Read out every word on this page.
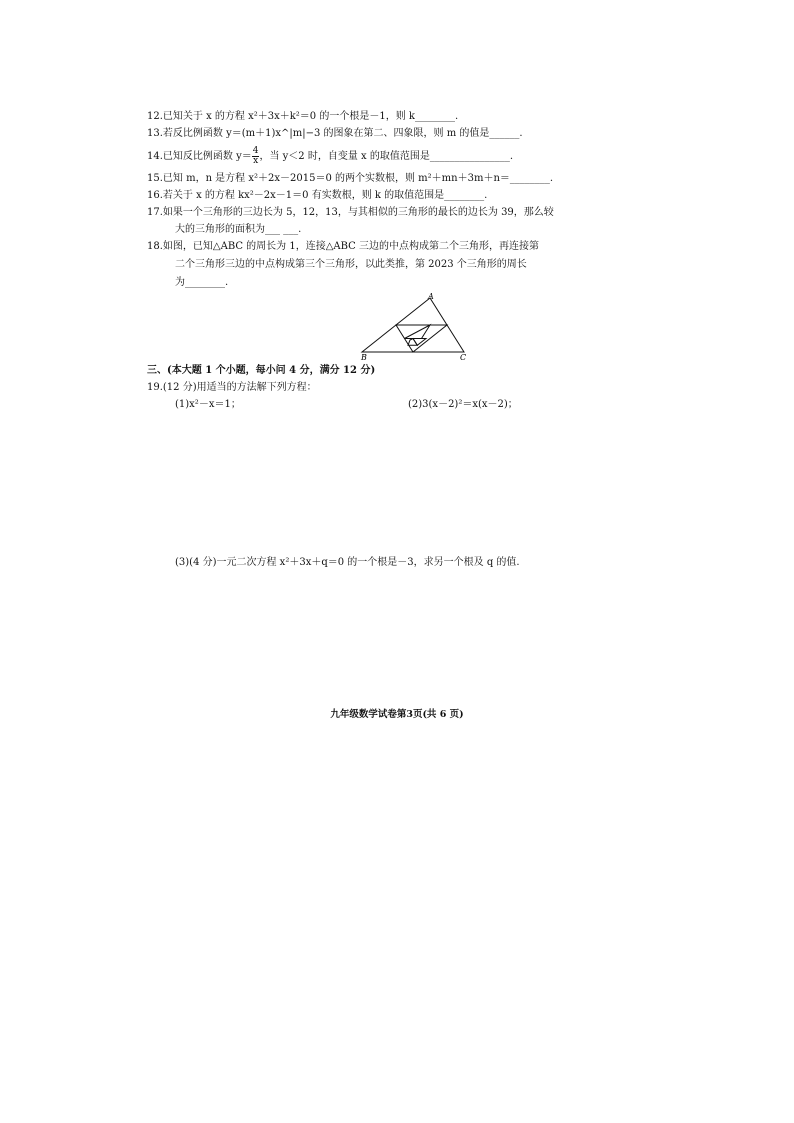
12.已知关于 x 的方程 x²＋3x＋k²＝0 的一个根是－1，则 k________.
13.若反比例函数 y＝(m＋1)x^|m|−3 的图象在第二、四象限，则 m 的值是______.
14.已知反比例函数 $y= \frac{4}{x}$ ，当 y＜2 时，自变量 x 的取值范围是________________.
15.已知 m，n 是方程 x²＋2x－2015＝0 的两个实数根，则 m²＋mn＋3m＋n＝________.
16.若关于 x 的方程 kx²－2x－1＝0 有实数根，则 k 的取值范围是________.
17.如果一个三角形的三边长为 5，12，13，与其相似的三角形的最长的边长为 39，那么较
大的三角形的面积为___ ___.
18.如图，已知△ABC 的周长为 1，连接△ABC 三边的中点构成第二个三角形，再连接第
二个三角形三边的中点构成第三个三角形，以此类推，第 2023 个三角形的周长
为________.
A
B	C
三、(本大题 1 个小题，每小问 4 分，满分 12 分)
19.(12 分)用适当的方法解下列方程：
(1)x²－x＝1；	(2)3(x－2)²＝x(x－2)；
(3)(4 分)一元二次方程 x²＋3x＋q＝0 的一个根是－3，求另一个根及 q 的值.
九年级数学试卷第3页(共 6 页)
